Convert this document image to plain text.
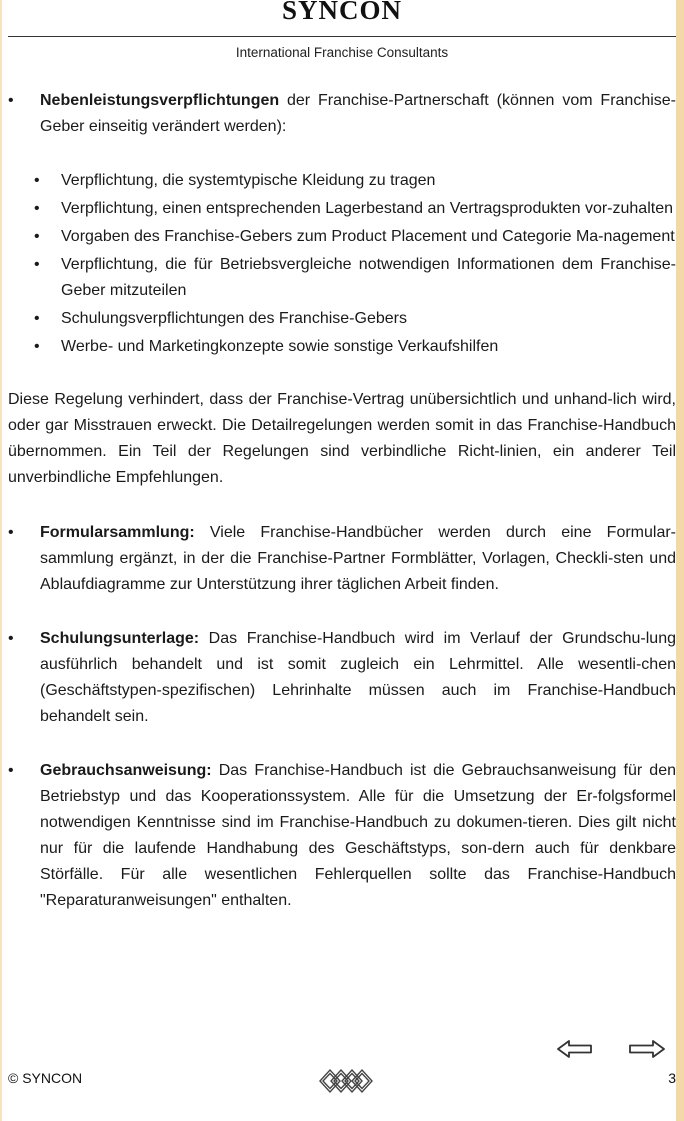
SYNCON
International Franchise Consultants

• Nebenleistungsverpflichtungen der Franchise-Partnerschaft (können vom Franchise-Geber einseitig verändert werden):

• Verpflichtung, die systemtypische Kleidung zu tragen
• Verpflichtung, einen entsprechenden Lagerbestand an Vertragsprodukten vor-zuhalten
• Vorgaben des Franchise-Gebers zum Product Placement und Categorie Ma-nagement
• Verpflichtung, die für Betriebsvergleiche notwendigen Informationen dem Franchise-Geber mitzuteilen
• Schulungsverpflichtungen des Franchise-Gebers
• Werbe- und Marketingkonzepte sowie sonstige Verkaufshilfen

Diese Regelung verhindert, dass der Franchise-Vertrag unübersichtlich und unhand-lich wird, oder gar Misstrauen erweckt. Die Detailregelungen werden somit in das Franchise-Handbuch übernommen. Ein Teil der Regelungen sind verbindliche Richt-linien, ein anderer Teil unverbindliche Empfehlungen.

• Formularsammlung: Viele Franchise-Handbücher werden durch eine Formular-sammlung ergänzt, in der die Franchise-Partner Formblätter, Vorlagen, Checkli-sten und Ablaufdiagramme zur Unterstützung ihrer täglichen Arbeit finden.

• Schulungsunterlage: Das Franchise-Handbuch wird im Verlauf der Grundschu-lung ausführlich behandelt und ist somit zugleich ein Lehrmittel. Alle wesentli-chen (Geschäftstypen-spezifischen) Lehrinhalte müssen auch im Franchise-Handbuch behandelt sein.

• Gebrauchsanweisung: Das Franchise-Handbuch ist die Gebrauchsanweisung für den Betriebstyp und das Kooperationssystem. Alle für die Umsetzung der Er-folgsformel notwendigen Kenntnisse sind im Franchise-Handbuch zu dokumen-tieren. Dies gilt nicht nur für die laufende Handhabung des Geschäftstyps, son-dern auch für denkbare Störfälle. Für alle wesentlichen Fehlerquellen sollte das Franchise-Handbuch "Reparaturanweisungen" enthalten.

© SYNCON	3
